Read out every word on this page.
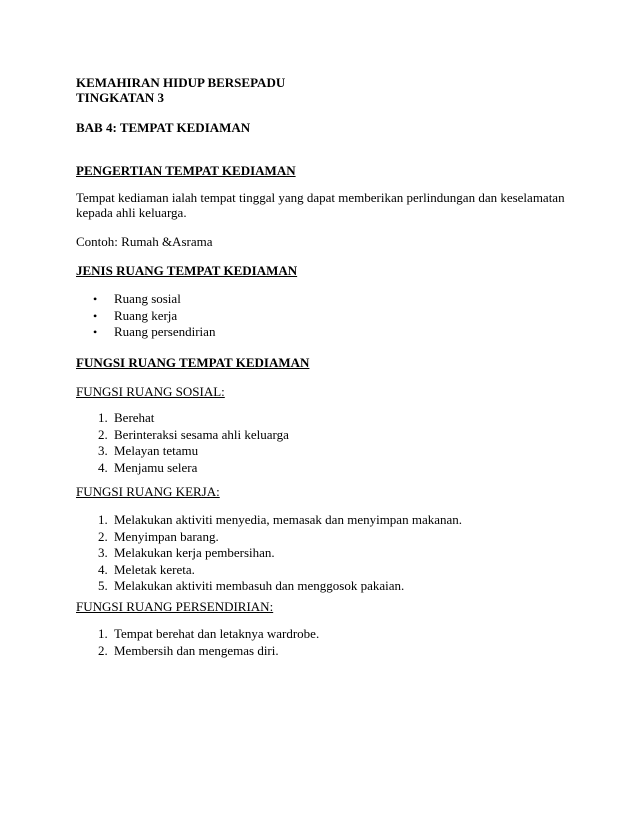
KEMAHIRAN HIDUP BERSEPADU
TINGKATAN 3
BAB 4: TEMPAT KEDIAMAN
PENGERTIAN TEMPAT KEDIAMAN
Tempat kediaman ialah tempat tinggal yang dapat memberikan perlindungan dan keselamatan
kepada ahli keluarga.
Contoh: Rumah &Asrama
JENIS RUANG TEMPAT KEDIAMAN
• Ruang sosial
• Ruang kerja
• Ruang persendirian
FUNGSI RUANG TEMPAT KEDIAMAN
FUNGSI RUANG SOSIAL:
1. Berehat
2. Berinteraksi sesama ahli keluarga
3. Melayan tetamu
4. Menjamu selera
FUNGSI RUANG KERJA:
1. Melakukan aktiviti menyedia, memasak dan menyimpan makanan.
2. Menyimpan barang.
3. Melakukan kerja pembersihan.
4. Meletak kereta.
5. Melakukan aktiviti membasuh dan menggosok pakaian.
FUNGSI RUANG PERSENDIRIAN:
1. Tempat berehat dan letaknya wardrobe.
2. Membersih dan mengemas diri.
